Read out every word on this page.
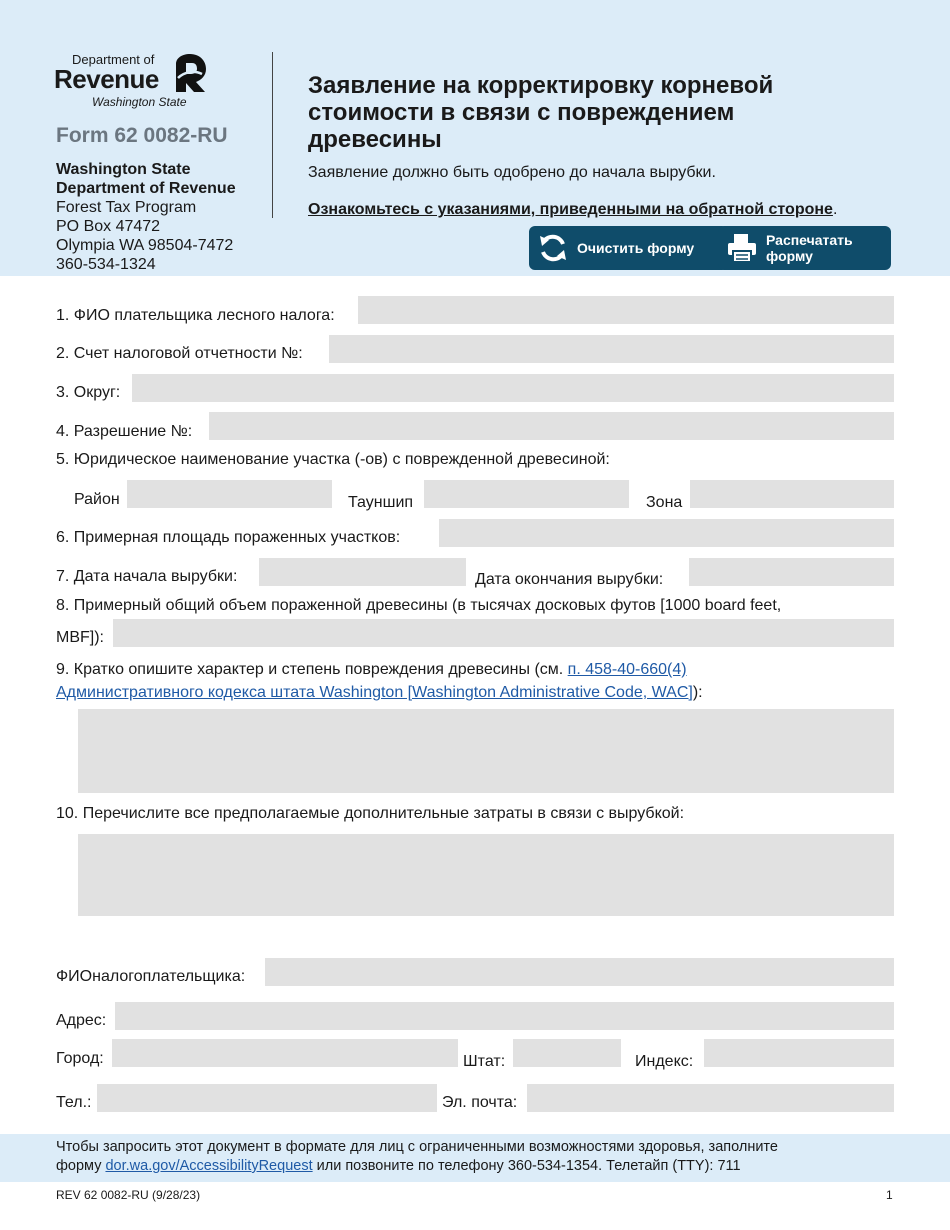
Department of
Revenue
Washington State
Form 62 0082-RU
Washington State
Department of Revenue
Forest Tax Program
PO Box 47472
Olympia WA 98504-7472
360-534-1324
Заявление на корректировку корневой стоимости в связи с повреждением древесины
Заявление должно быть одобрено до начала вырубки.
Ознакомьтесь с указаниями, приведенными на обратной стороне.
Очистить форму	Распечатать
форму
1. ФИО плательщика лесного налога:
2. Счет налоговой отчетности №:
3. Округ:
4. Разрешение №:
5. Юридическое наименование участка (-ов) с поврежденной древесиной:
Район	Тауншип	Зона
6. Примерная площадь пораженных участков:
7. Дата начала вырубки:	Дата окончания вырубки:
8. Примерный общий объем пораженной древесины (в тысячах досковых футов [1000 board feet,
MBF]):
9. Кратко опишите характер и степень повреждения древесины (см. п. 458-40-660(4)
Административного кодекса штата Washington [Washington Administrative Code, WAC]):
10. Перечислите все предполагаемые дополнительные затраты в связи с вырубкой:
ФИОналогоплательщика:
Адрес:
Город:	Штат:	Индекс:
Тел.:	Эл. почта:
Чтобы запросить этот документ в формате для лиц с ограниченными возможностями здоровья, заполните
форму dor.wa.gov/AccessibilityRequest или позвоните по телефону 360-534-1354. Телетайп (TTY): 711
REV 62 0082-RU (9/28/23)	1
